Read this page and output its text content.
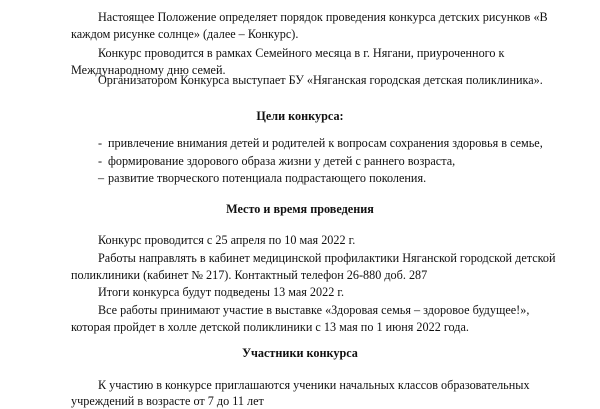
Настоящее Положение определяет порядок проведения конкурса детских рисунков «В
каждом рисунке солнце» (далее – Конкурс).
Конкурс проводится в рамках Семейного месяца в г. Нягани, приуроченного к
Международному дню семей.
Организатором Конкурса выступает БУ «Няганская городская детская поликлиника».
Цели конкурса:
- привлечение внимания детей и родителей к вопросам сохранения здоровья в семье,
- формирование здорового образа жизни у детей с раннего возраста,
– развитие творческого потенциала подрастающего поколения.
Место и время проведения
Конкурс проводится с 25 апреля по 10 мая 2022 г.
Работы направлять в кабинет медицинской профилактики Няганской городской детской
поликлиники (кабинет № 217). Контактный телефон 26-880 доб. 287
Итоги конкурса будут подведены 13 мая 2022 г.
Все работы принимают участие в выставке «Здоровая семья – здоровое будущее!»,
которая пройдет в холле детской поликлиники с 13 мая по 1 июня 2022 года.
Участники конкурса
К участию в конкурсе приглашаются ученики начальных классов образовательных
учреждений в возрасте от 7 до 11 лет
